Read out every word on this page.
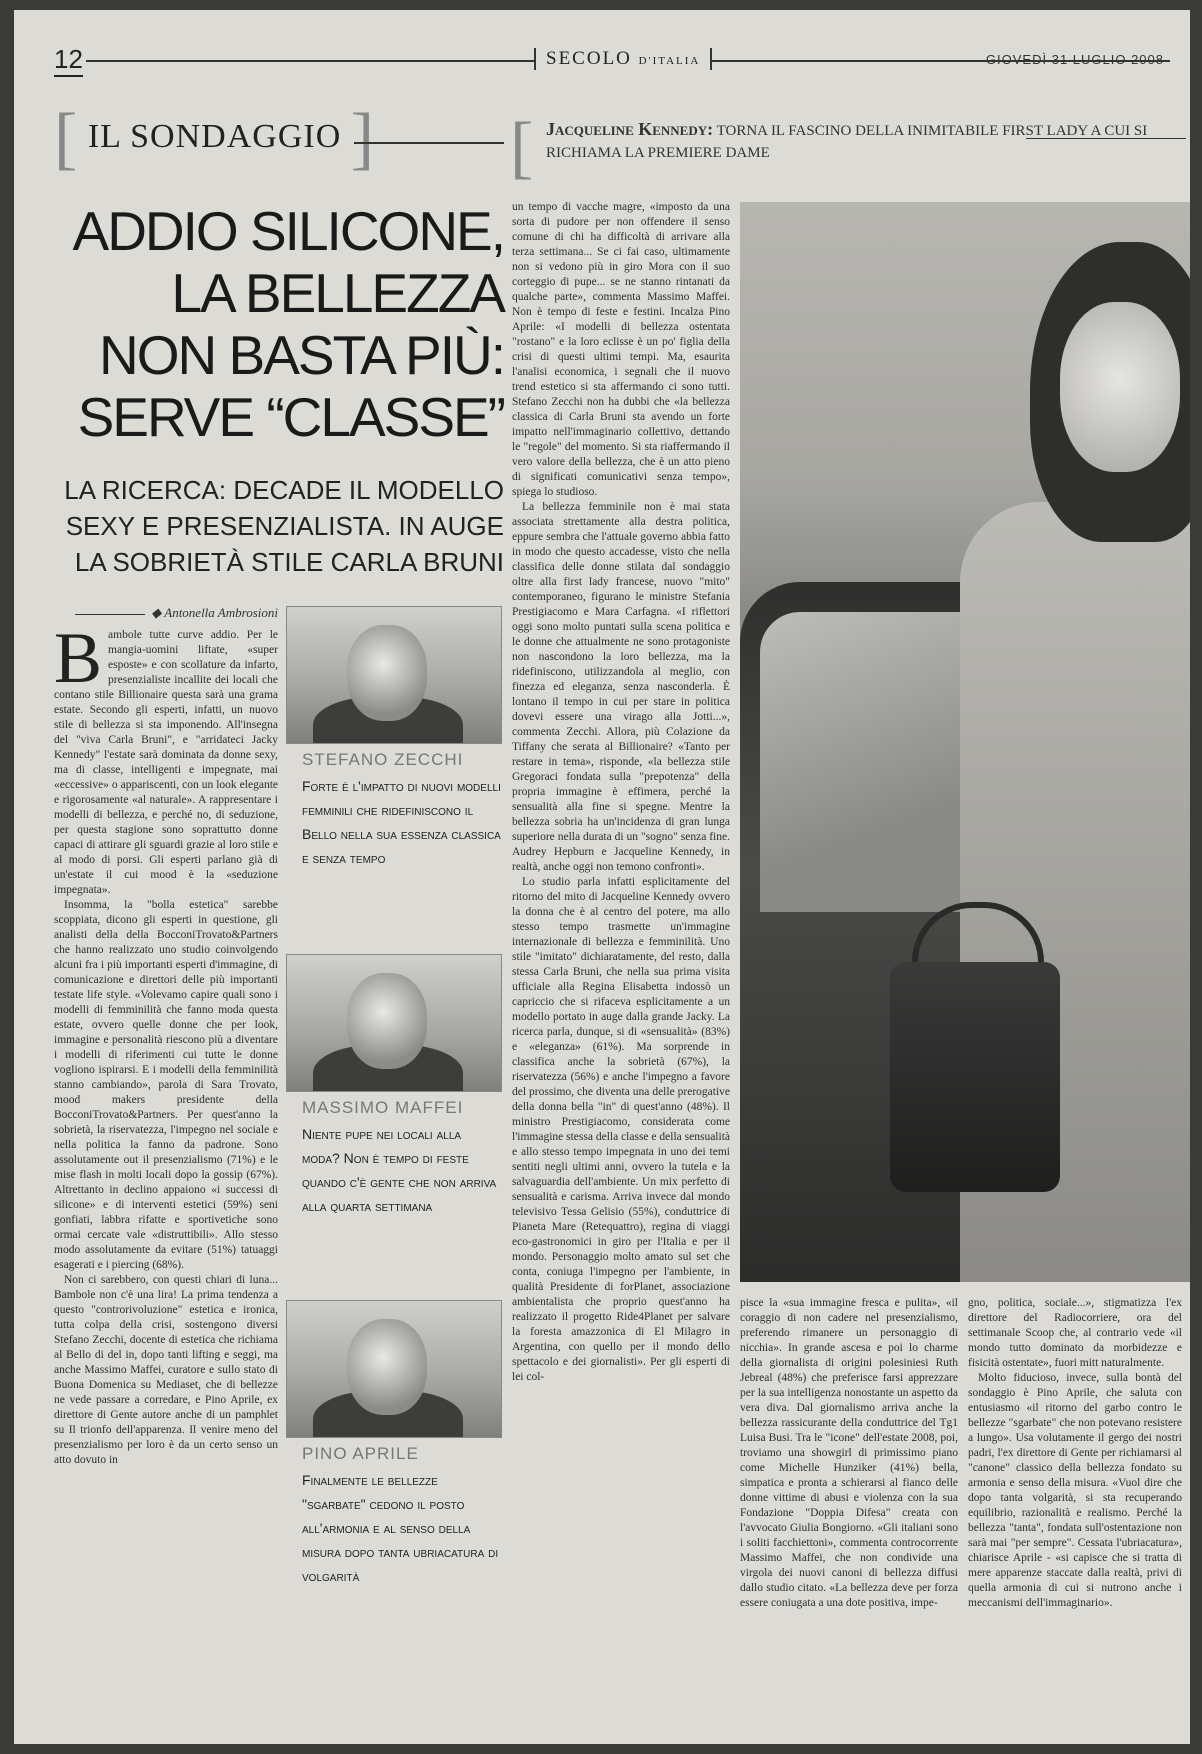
12	SECOLO D'ITALIA	GIOVEDÌ 31 LUGLIO 2008
[ IL SONDAGGIO ] [ Jacqueline Kennedy: TORNA IL FASCINO DELLA INIMITABILE FIRST LADY A CUI SI RICHIAMA LA PREMIERE DAME
ADDIO SILICONE,
LA BELLEZZA
NON BASTA PIÙ:
SERVE “CLASSE”
LA RICERCA: DECADE IL MODELLO
SEXY E PRESENZIALISTA. IN AUGE
LA SOBRIETÀ STILE CARLA BRUNI
◆ Antonella Ambrosioni
B ambole tutte curve addio. Per le mangia-uomini liftate, «super esposte» e con scollature da infarto, presenzialiste incallite dei locali che contano stile Billionaire questa sarà una grama estate. Secondo gli esperti, infatti, un nuovo stile di bellezza si sta imponendo. All'insegna del "viva Carla Bruni", e "arridateci Jacky Kennedy" l'estate sarà dominata da donne sexy, ma di classe, intelligenti e impegnate, mai «eccessive» o appariscenti, con un look elegante e rigorosamente «al naturale». A rappresentare i modelli di bellezza, e perché no, di seduzione, per questa stagione sono soprattutto donne capaci di attirare gli sguardi grazie al loro stile e al modo di porsi. Gli esperti parlano già di un'estate il cui mood è la «seduzione impegnata».

Insomma, la "bolla estetica" sarebbe scoppiata, dicono gli esperti in questione, gli analisti della della BocconiTrovato&Partners che hanno realizzato uno studio coinvolgendo alcuni fra i più importanti esperti d'immagine, di comunicazione e direttori delle più importanti testate life style. «Volevamo capire quali sono i modelli di femminilità che fanno moda questa estate, ovvero quelle donne che per look, immagine e personalità riescono più a diventare i modelli di riferimenti cui tutte le donne vogliono ispirarsi. E i modelli della femminilità stanno cambiando», parola di Sara Trovato, mood makers presidente della BocconiTrovato&Partners. Per quest'anno la sobrietà, la riservatezza, l'impegno nel sociale e nella politica la fanno da padrone. Sono assolutamente out il presenzialismo (71%) e le mise flash in molti locali dopo la gossip (67%). Altrettanto in declino appaiono «i successi di silicone» e di interventi estetici (59%) seni gonfiati, labbra rifatte e sportivetiche sono ormai cercate vale «distruttibili». Allo stesso modo assolutamente da evitare (51%) tatuaggi esagerati e i piercing (68%).

Non ci sarebbero, con questi chiari di luna... Bambole non c'è una lira! La prima tendenza a questo "controrivoluzione" estetica e ironica, tutta colpa della crisi, sostengono diversi Stefano Zecchi, docente di estetica che richiama al Bello di del in, dopo tanti lifting e seggi, ma anche Massimo Maffei, curatore e sullo stato di Buona Domenica su Mediaset, che di bellezze ne vede passare a corredare, e Pino Aprile, ex direttore di Gente autore anche di un pamphlet su Il trionfo dell'apparenza. Il venire meno del presenzialismo per loro è da un certo senso un atto dovuto in

STEFANO ZECCHI
Forte è l'impatto di nuovi modelli femminili che ridefiniscono il Bello nella sua essenza classica e senza tempo
MASSIMO MAFFEI
Niente pupe nei locali alla moda? Non è tempo di feste quando c'è gente che non arriva alla quarta settimana
PINO APRILE
Finalmente le bellezze "sgarbate" cedono il posto all'armonia e al senso della misura dopo tanta ubriacatura di volgarità

un tempo di vacche magre, «imposto da una sorta di pudore per non offendere il senso comune di chi ha difficoltà di arrivare alla terza settimana... Se ci fai caso, ultimamente non si vedono più in giro Mora con il suo corteggio di pupe... se ne stanno rintanati da qualche parte», commenta Massimo Maffei. Non è tempo di feste e festini. Incalza Pino Aprile: «I modelli di bellezza ostentata "rostano" e la loro eclisse è un po' figlia della crisi di questi ultimi tempi. Ma, esaurita l'analisi economica, i segnali che il nuovo trend estetico si sta affermando ci sono tutti. Stefano Zecchi non ha dubbi che «la bellezza classica di Carla Bruni sta avendo un forte impatto nell'immaginario collettivo, dettando le "regole" del momento. Si sta riaffermando il vero valore della bellezza, che è un atto pieno di significati comunicativi senza tempo», spiega lo studioso.

La bellezza femminile non è mai stata associata strettamente alla destra politica, eppure sembra che l'attuale governo abbia fatto in modo che questo accadesse, visto che nella classifica delle donne stilata dal sondaggio oltre alla first lady francese, nuovo "mito" contemporaneo, figurano le ministre Stefania Prestigiacomo e Mara Carfagna. «I riflettori oggi sono molto puntati sulla scena politica e le donne che attualmente ne sono protagoniste non nascondono la loro bellezza, ma la ridefiniscono, utilizzandola al meglio, con finezza ed eleganza, senza nasconderla. È lontano il tempo in cui per stare in politica dovevi essere una virago alla Jotti...», commenta Zecchi. Allora, più Colazione da Tiffany che serata al Billionaire? «Tanto per restare in tema», risponde, «la bellezza stile Gregoraci fondata sulla "prepotenza" della propria immagine è effimera, perché la sensualità alla fine si spegne. Mentre la bellezza sobria ha un'incidenza di gran lunga superiore nella durata di un "sogno" senza fine. Audrey Hepburn e Jacqueline Kennedy, in realtà, anche oggi non temono confronti».

Lo studio parla infatti esplicitamente del ritorno del mito di Jacqueline Kennedy ovvero la donna che è al centro del potere, ma allo stesso tempo trasmette un'immagine internazionale di bellezza e femminilità. Uno stile "imitato" dichiaratamente, del resto, dalla stessa Carla Bruni, che nella sua prima visita ufficiale alla Regina Elisabetta indossò un capriccio che si rifaceva esplicitamente a un modello portato in auge dalla grande Jacky. La ricerca parla, dunque, si di «sensualità» (83%) e «eleganza» (61%). Ma sorprende in classifica anche la sobrietà (67%), la riservatezza (56%) e anche l'impegno a favore del prossimo, che diventa una delle prerogative della donna bella "in" di quest'anno (48%). Il ministro Prestigiacomo, considerata come l'immagine stessa della classe e della sensualità e allo stesso tempo impegnata in uno dei temi sentiti negli ultimi anni, ovvero la tutela e la salvaguardia dell'ambiente. Un mix perfetto di sensualità e carisma. Arriva invece dal mondo televisivo Tessa Gelisio (55%), conduttrice di Pianeta Mare (Retequattro), regina di viaggi eco-gastronomici in giro per l'Italia e per il mondo. Personaggio molto amato sul set che conta, coniuga l'impegno per l'ambiente, in qualità Presidente di forPlanet, associazione ambientalista che proprio quest'anno ha realizzato il progetto Ride4Planet per salvare la foresta amazzonica di El Milagro in Argentina, con quello per il mondo dello spettacolo e dei giornalisti». Per gli esperti di lei col-

pisce la «sua immagine fresca e pulita», «il coraggio di non cadere nel presenzialismo, preferendo rimanere un personaggio di nicchia». In grande ascesa e poi lo charme della giornalista di origini polesiniesi Ruth Jebreal (48%) che preferisce farsi apprezzare per la sua intelligenza nonostante un aspetto da vera diva. Dal giornalismo arriva anche la bellezza rassicurante della conduttrice del Tg1 Luisa Busi. Tra le "icone" dell'estate 2008, poi, troviamo una showgirl di primissimo piano come Michelle Hunziker (41%) bella, simpatica e pronta a schierarsi al fianco delle donne vittime di abusi e violenza con la sua Fondazione "Doppia Difesa" creata con l'avvocato Giulia Bongiorno. «Gli italiani sono i soliti facchiettoni», commenta controcorrente Massimo Maffei, che non condivide una virgola dei nuovi canoni di bellezza diffusi dallo studio citato. «La bellezza deve per forza essere coniugata a una dote positiva, impe-

gno, politica, sociale...», stigmatizza l'ex direttore del Radiocorriere, ora del settimanale Scoop che, al contrario vede «il mondo tutto dominato da morbidezze e fisicità ostentate», fuori mitt naturalmente.

Molto fiducioso, invece, sulla bontà del sondaggio è Pino Aprile, che saluta con entusiasmo «il ritorno del garbo contro le bellezze "sgarbate" che non potevano resistere a lungo». Usa volutamente il gergo dei nostri padri, l'ex direttore di Gente per richiamarsi al "canone" classico della bellezza fondato su armonia e senso della misura. «Vuol dire che dopo tanta volgarità, si sta recuperando equilibrio, razionalità e realismo. Perché la bellezza "tanta", fondata sull'ostentazione non sarà mai "per sempre". Cessata l'ubriacatura», chiarisce Aprile - «si capisce che si tratta di mere apparenze staccate dalla realtà, privi di quella armonia di cui si nutrono anche i meccanismi dell'immaginario».
